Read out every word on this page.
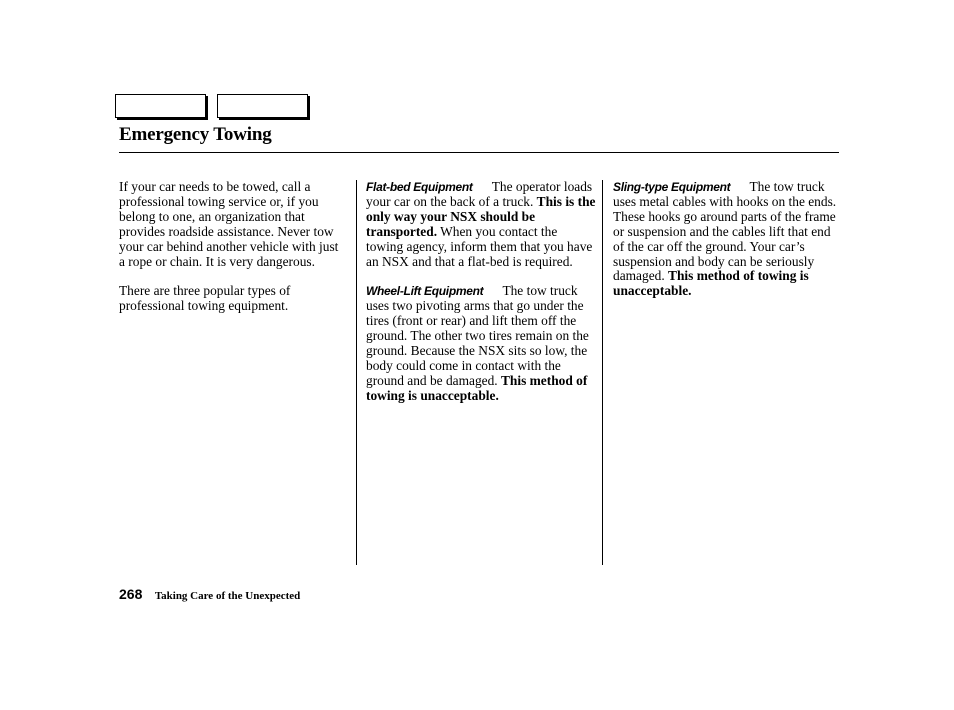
Emergency Towing

If your car needs to be towed, call a professional towing service or, if you belong to one, an organization that provides roadside assistance. Never tow your car behind another vehicle with just a rope or chain. It is very dangerous.

There are three popular types of professional towing equipment.

Flat-bed Equipment The operator loads your car on the back of a truck. This is the only way your NSX should be transported. When you contact the towing agency, inform them that you have an NSX and that a flat-bed is required.

Wheel-Lift Equipment The tow truck uses two pivoting arms that go under the tires (front or rear) and lift them off the ground. The other two tires remain on the ground. Because the NSX sits so low, the body could come in contact with the ground and be damaged. This method of towing is unacceptable.

Sling-type Equipment The tow truck uses metal cables with hooks on the ends. These hooks go around parts of the frame or suspension and the cables lift that end of the car off the ground. Your car’s suspension and body can be seriously damaged. This method of towing is unacceptable.

268 Taking Care of the Unexpected
